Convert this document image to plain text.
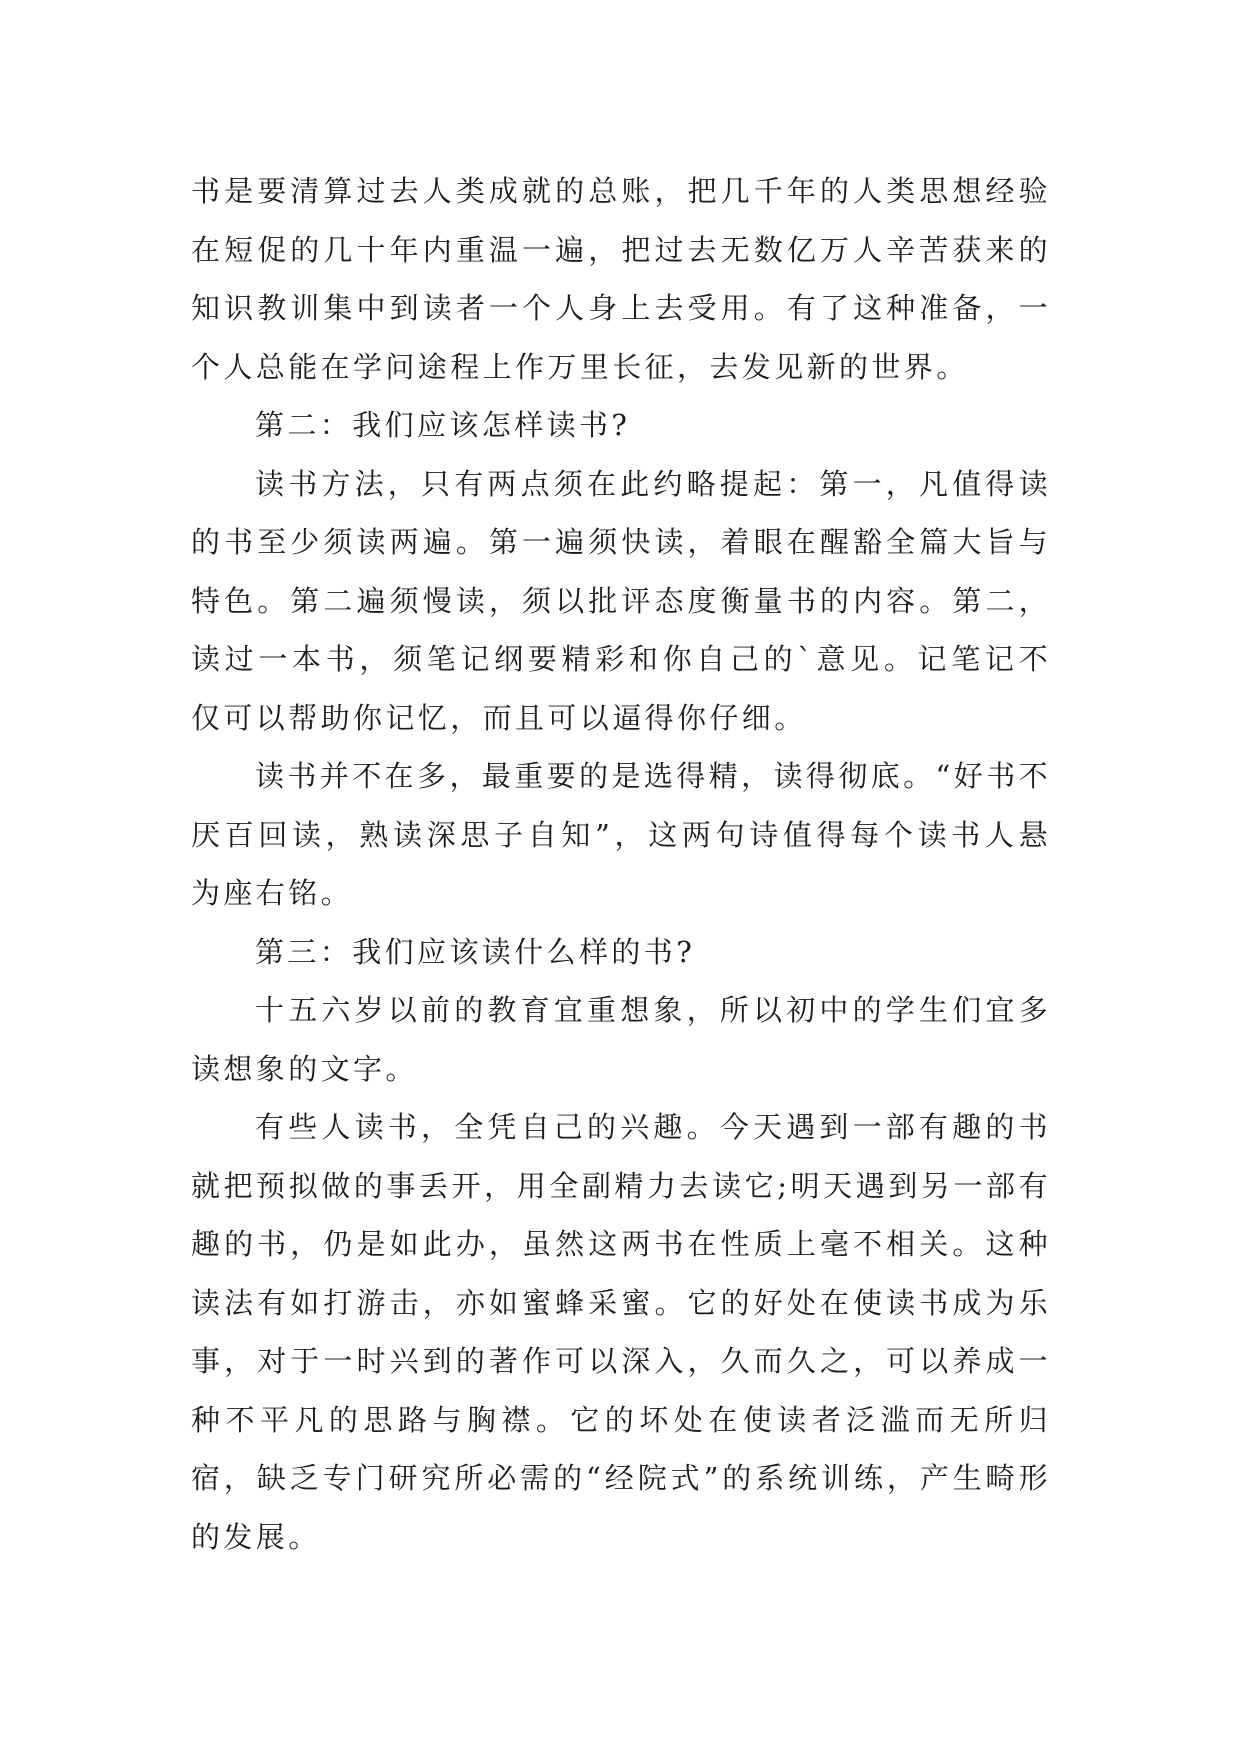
书是要清算过去人类成就的总账，把几千年的人类思想经验在短促的几十年内重温一遍，把过去无数亿万人辛苦获来的知识教训集中到读者一个人身上去受用。有了这种准备，一个人总能在学问途程上作万里长征，去发见新的世界。

第二：我们应该怎样读书?

读书方法，只有两点须在此约略提起：第一，凡值得读的书至少须读两遍。第一遍须快读，着眼在醒豁全篇大旨与特色。第二遍须慢读，须以批评态度衡量书的内容。第二，读过一本书，须笔记纲要精彩和你自己的`意见。记笔记不仅可以帮助你记忆，而且可以逼得你仔细。

读书并不在多，最重要的是选得精，读得彻底。“好书不厌百回读，熟读深思子自知”，这两句诗值得每个读书人悬为座右铭。

第三：我们应该读什么样的书?

十五六岁以前的教育宜重想象，所以初中的学生们宜多读想象的文字。

有些人读书，全凭自己的兴趣。今天遇到一部有趣的书就把预拟做的事丢开，用全副精力去读它;明天遇到另一部有趣的书，仍是如此办，虽然这两书在性质上毫不相关。这种读法有如打游击，亦如蜜蜂采蜜。它的好处在使读书成为乐事，对于一时兴到的著作可以深入，久而久之，可以养成一种不平凡的思路与胸襟。它的坏处在使读者泛滥而无所归宿，缺乏专门研究所必需的“经院式”的系统训练，产生畸形的发展。
